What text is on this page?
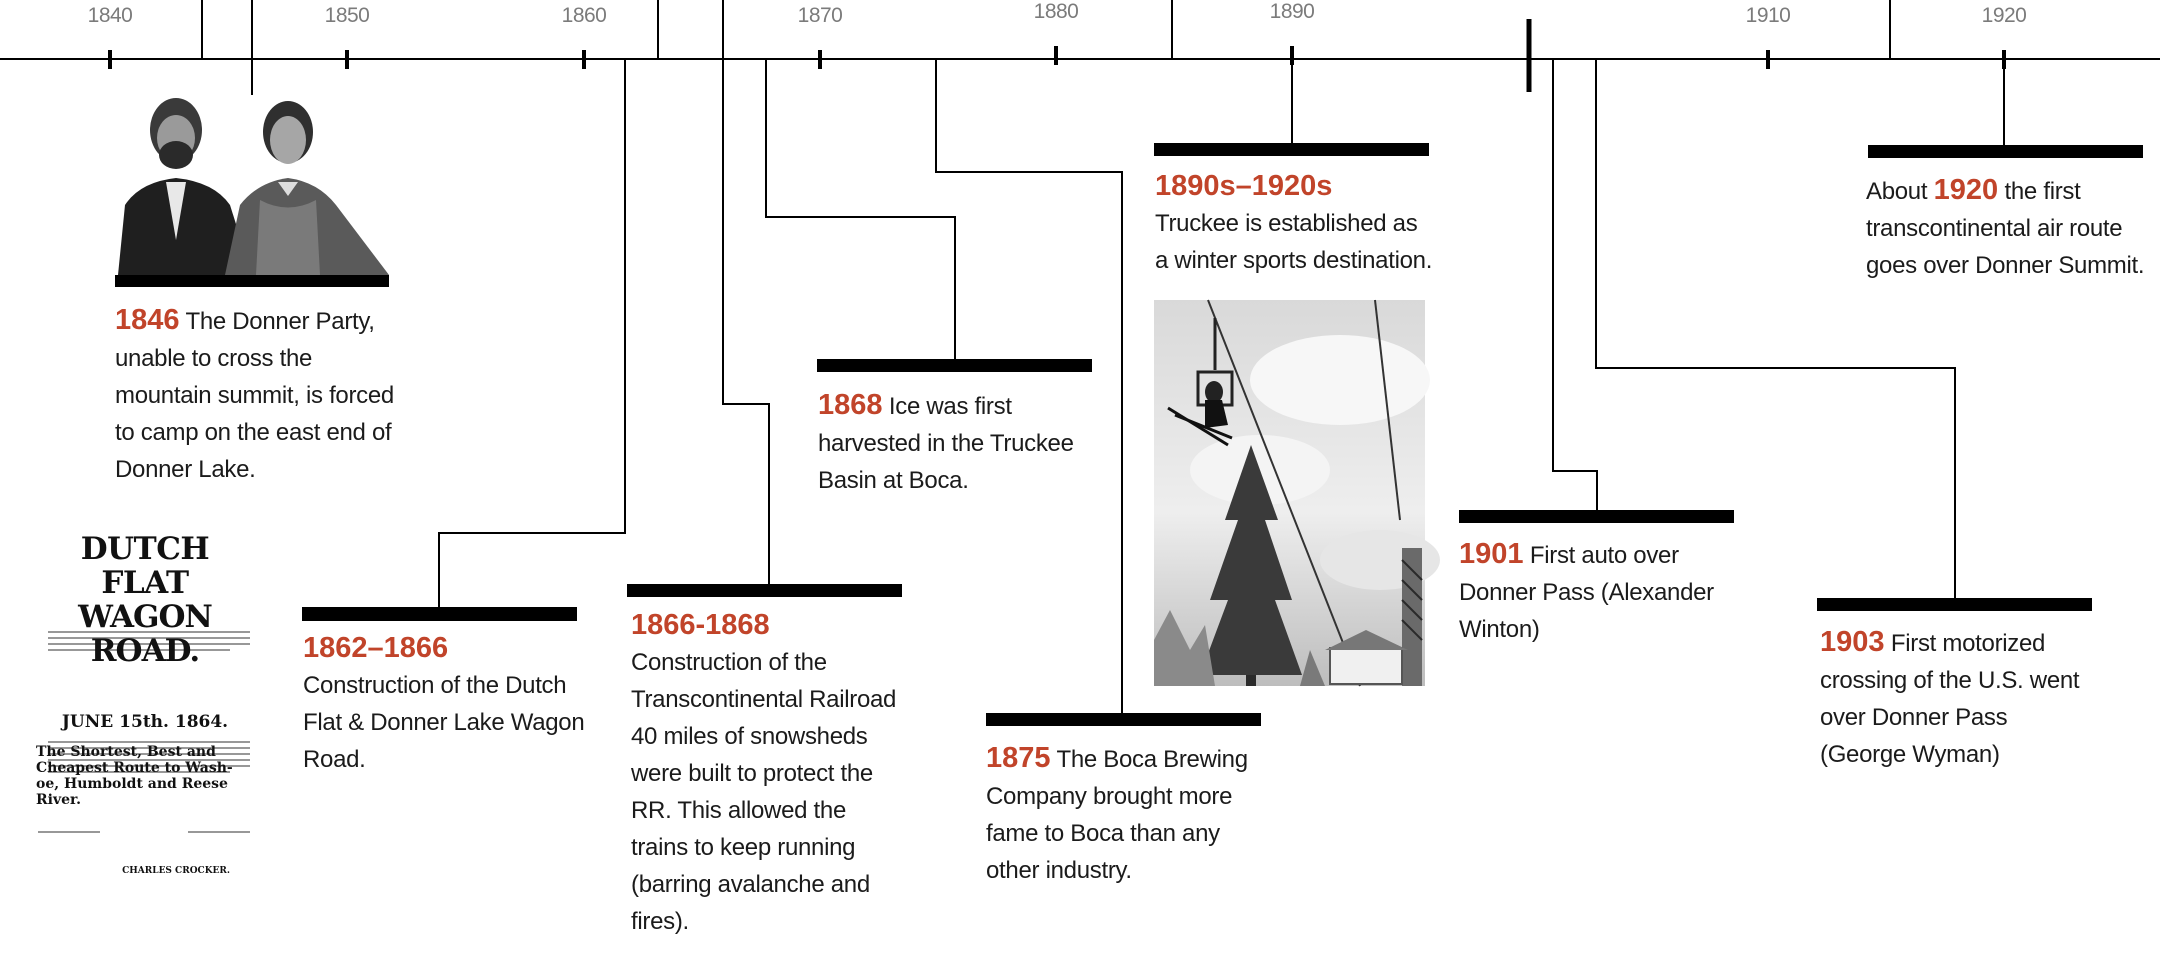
1840	1850	1860	1870	1880	1890	1910	1920
DUTCH FLAT
WAGON ROAD.
JUNE 15th. 1864.
The Shortest, Best and Cheapest Route to Wash-oe, Humboldt and Reese River.
CHARLES CROCKER.
1846 The Donner Party, unable to cross the mountain summit, is forced to camp on the east end of Donner Lake.
1862–1866
Construction of the Dutch Flat & Donner Lake Wagon Road.
1866-1868
Construction of the Transcontinental Railroad 40 miles of snowsheds were built to protect the RR. This allowed the trains to keep running (barring avalanche and fires).
1868 Ice was first harvested in the Truckee Basin at Boca.
1875 The Boca Brewing Company brought more fame to Boca than any other industry.
1890s–1920s
Truckee is established as a winter sports destination.
1901 First auto over Donner Pass (Alexander Winton)	1903 First motorized crossing of the U.S. went over Donner Pass (George Wyman)
About 1920 the first transcontinental air route goes over Donner Summit.
